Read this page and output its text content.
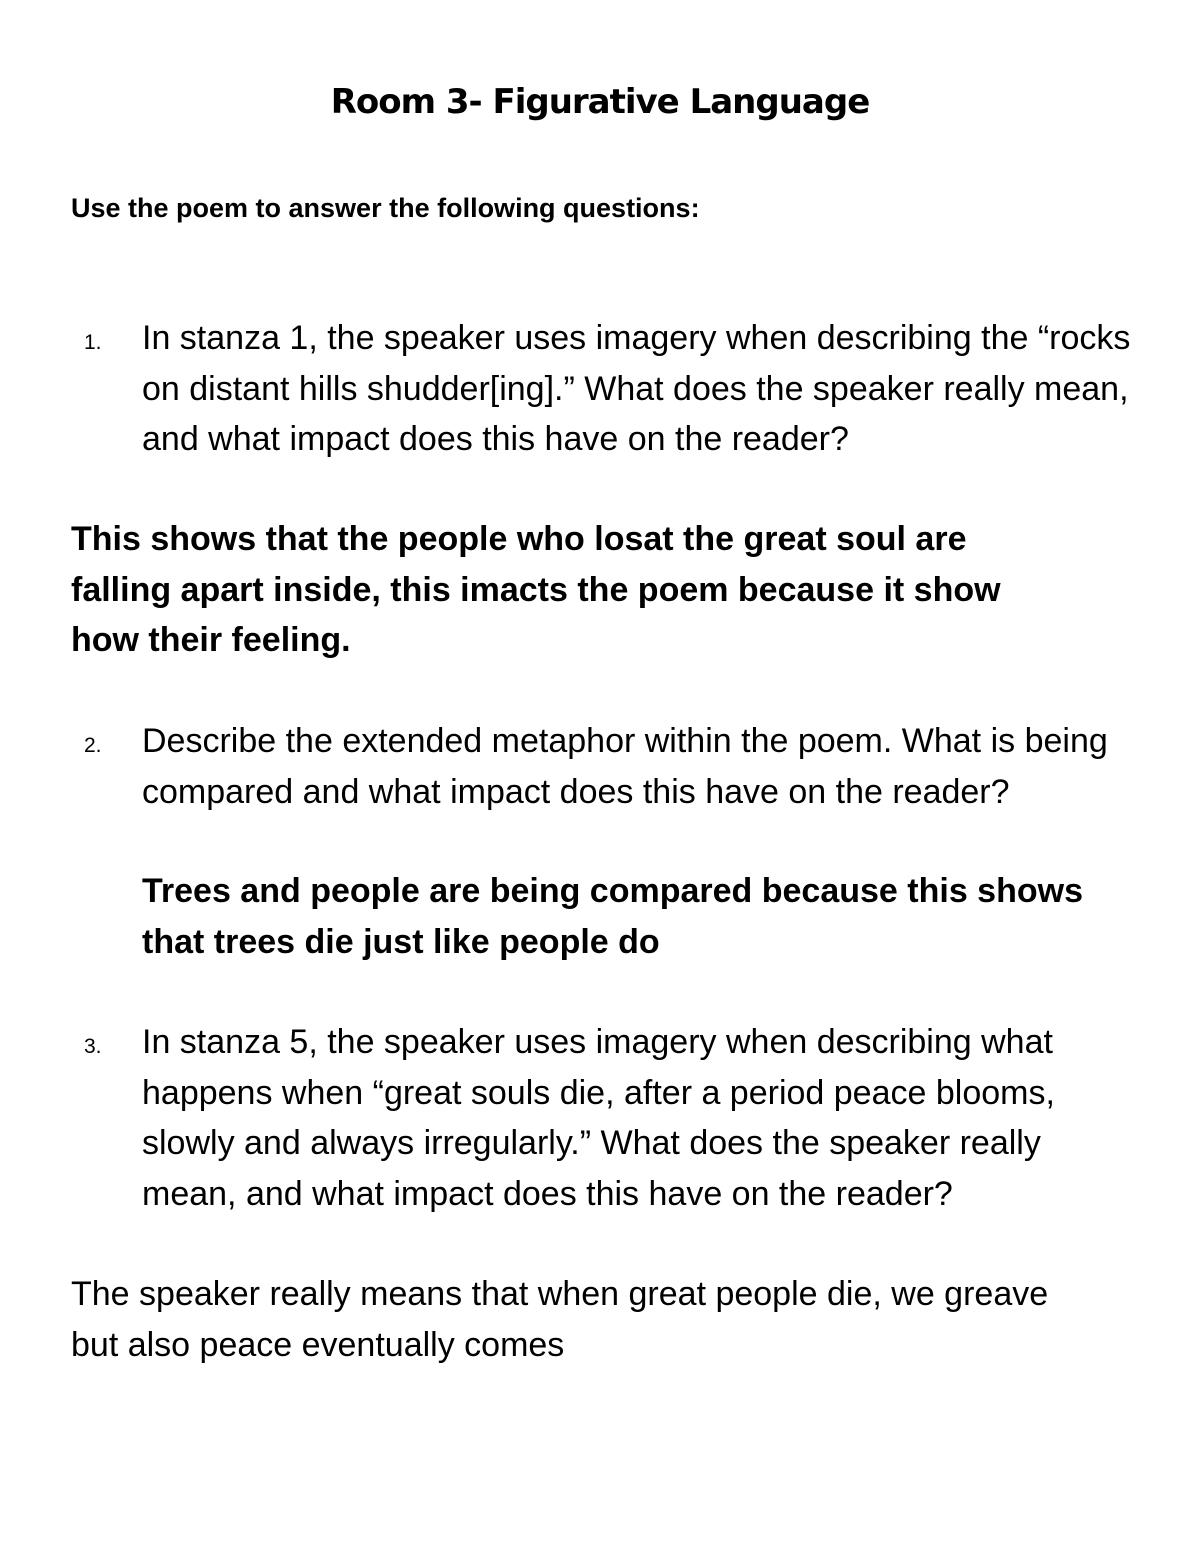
Room 3- Figurative Language
Use the poem to answer the following questions:
1. In stanza 1, the speaker uses imagery when describing the “rocks on distant hills shudder[ing].” What does the speaker really mean, and what impact does this have on the reader?
This shows that the people who losat the great soul are falling apart inside, this imacts the poem because it show how their feeling.
2. Describe the extended metaphor within the poem. What is being compared and what impact does this have on the reader?
Trees and people are being compared because this shows that trees die just like people do
3. In stanza 5, the speaker uses imagery when describing what happens when “great souls die, after a period peace blooms, slowly and always irregularly.” What does the speaker really mean, and what impact does this have on the reader?
The speaker really means that when great people die, we greave but also peace eventually comes
